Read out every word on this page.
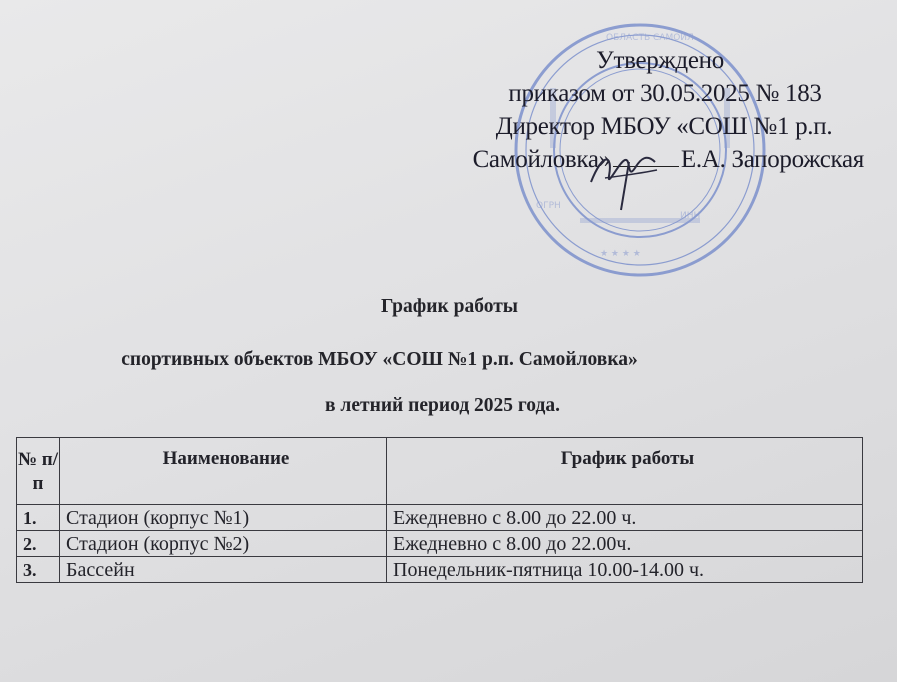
ОБЛАСТЬ САМОЙЛ
ОГРН
ИНН
★ ★ ★ ★
Утверждено
приказом от 30.05.2025 № 183
Директор МБОУ «СОШ №1 р.п.
Самойловка»	Е.А. Запорожская
График работы
спортивных объектов МБОУ «СОШ №1 р.п. Самойловка»
в летний период 2025 года.
№ п/п	Наименование	График работы
1.	Стадион (корпус №1)	Ежедневно с 8.00 до 22.00 ч.
2.	Стадион (корпус №2)	Ежедневно с 8.00 до 22.00ч.
3.	Бассейн	Понедельник-пятница 10.00-14.00 ч.
